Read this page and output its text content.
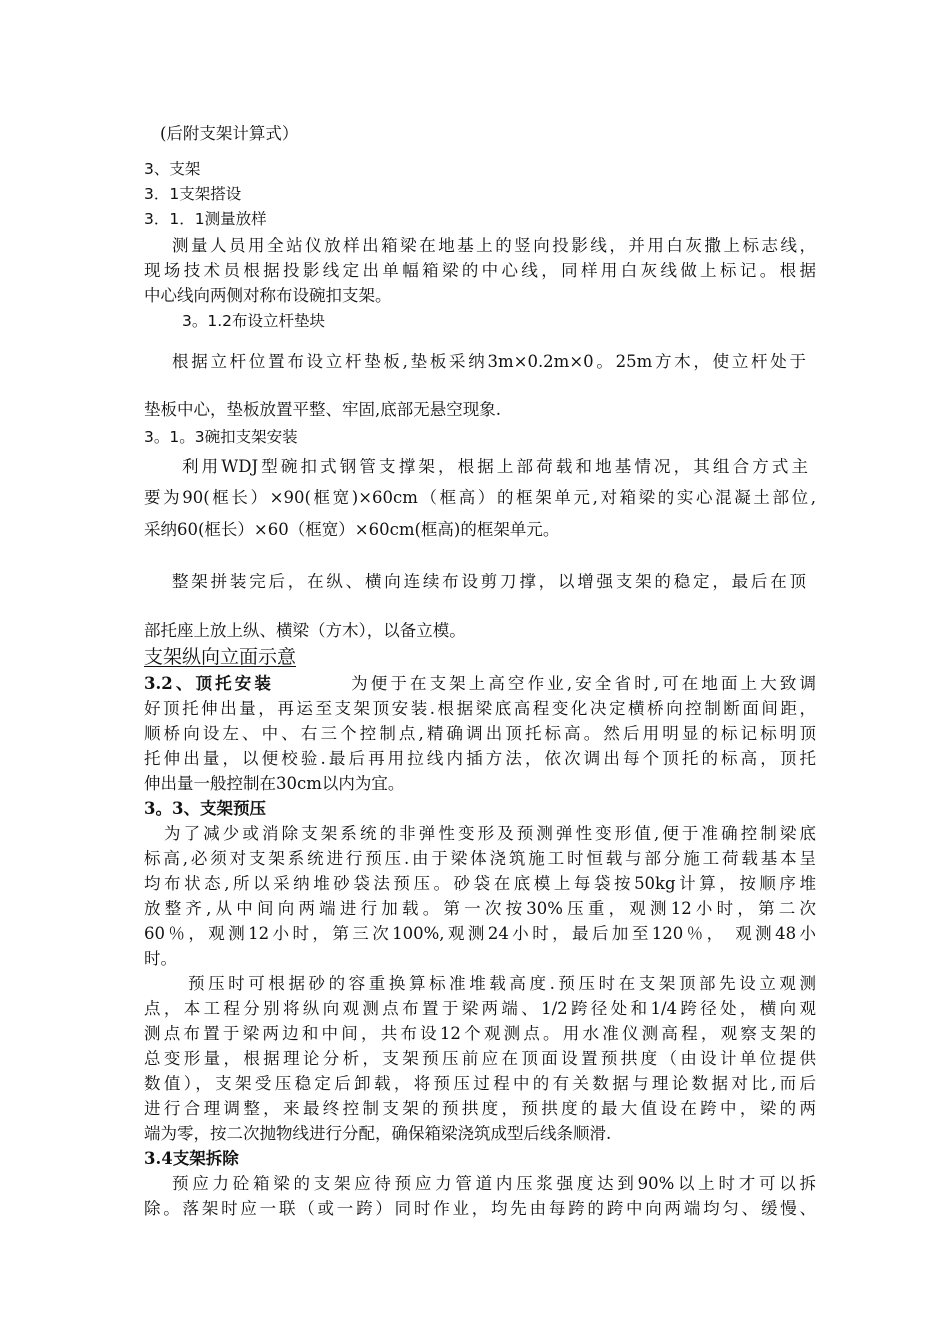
(后附支架计算式）
3、支架
3．1支架搭设
3．1．1测量放样
测量人员用全站仪放样出箱梁在地基上的竖向投影线，并用白灰撒上标志线，
现场技术员根据投影线定出单幅箱梁的中心线，同样用白灰线做上标记。根据
中心线向两侧对称布设碗扣支架。
3。1.2布设立杆垫块
根据立杆位置布设立杆垫板,垫板采纳3m×0.2m×0。25m方木，使立杆处于
垫板中心，垫板放置平整、牢固,底部无悬空现象.
3。1。3碗扣支架安装
利用WDJ型碗扣式钢管支撑架，根据上部荷载和地基情况，其组合方式主
要为90(框长）×90(框宽)×60cm（框高）的框架单元,对箱梁的实心混凝土部位,
采纳60(框长）×60（框宽）×60cm(框高)的框架单元。
整架拼装完后，在纵、横向连续布设剪刀撑，以增强支架的稳定，最后在顶
部托座上放上纵、横梁（方木），以备立模。
支架纵向立面示意
3.2、顶托安装	为便于在支架上高空作业,安全省时,可在地面上大致调
好顶托伸出量，再运至支架顶安装.根据梁底高程变化决定横桥向控制断面间距，
顺桥向设左、中、右三个控制点,精确调出顶托标高。然后用明显的标记标明顶
托伸出量，以便校验.最后再用拉线内插方法，依次调出每个顶托的标高，顶托
伸出量一般控制在30cm以内为宜。
3。3、支架预压
为了减少或消除支架系统的非弹性变形及预测弹性变形值,便于准确控制梁底
标高,必须对支架系统进行预压.由于梁体浇筑施工时恒载与部分施工荷载基本呈
均布状态,所以采纳堆砂袋法预压。砂袋在底模上每袋按50kg计算，按顺序堆
放整齐,从中间向两端进行加载。第一次按30%压重，观测12小时，第二次
60％，观测12小时，第三次100%,观测24小时，最后加至120％， 观测48小
时。
预压时可根据砂的容重换算标准堆载高度.预压时在支架顶部先设立观测
点，本工程分别将纵向观测点布置于梁两端、1/2跨径处和1/4跨径处，横向观
测点布置于梁两边和中间，共布设12个观测点。用水准仪测高程，观察支架的
总变形量，根据理论分析，支架预压前应在顶面设置预拱度（由设计单位提供
数值），支架受压稳定后卸载，将预压过程中的有关数据与理论数据对比,而后
进行合理调整，来最终控制支架的预拱度，预拱度的最大值设在跨中，梁的两
端为零，按二次抛物线进行分配，确保箱梁浇筑成型后线条顺滑.
3.4支架拆除
预应力砼箱梁的支架应待预应力管道内压浆强度达到90%以上时才可以拆
除。落架时应一联（或一跨）同时作业，均先由每跨的跨中向两端均匀、缓慢、
